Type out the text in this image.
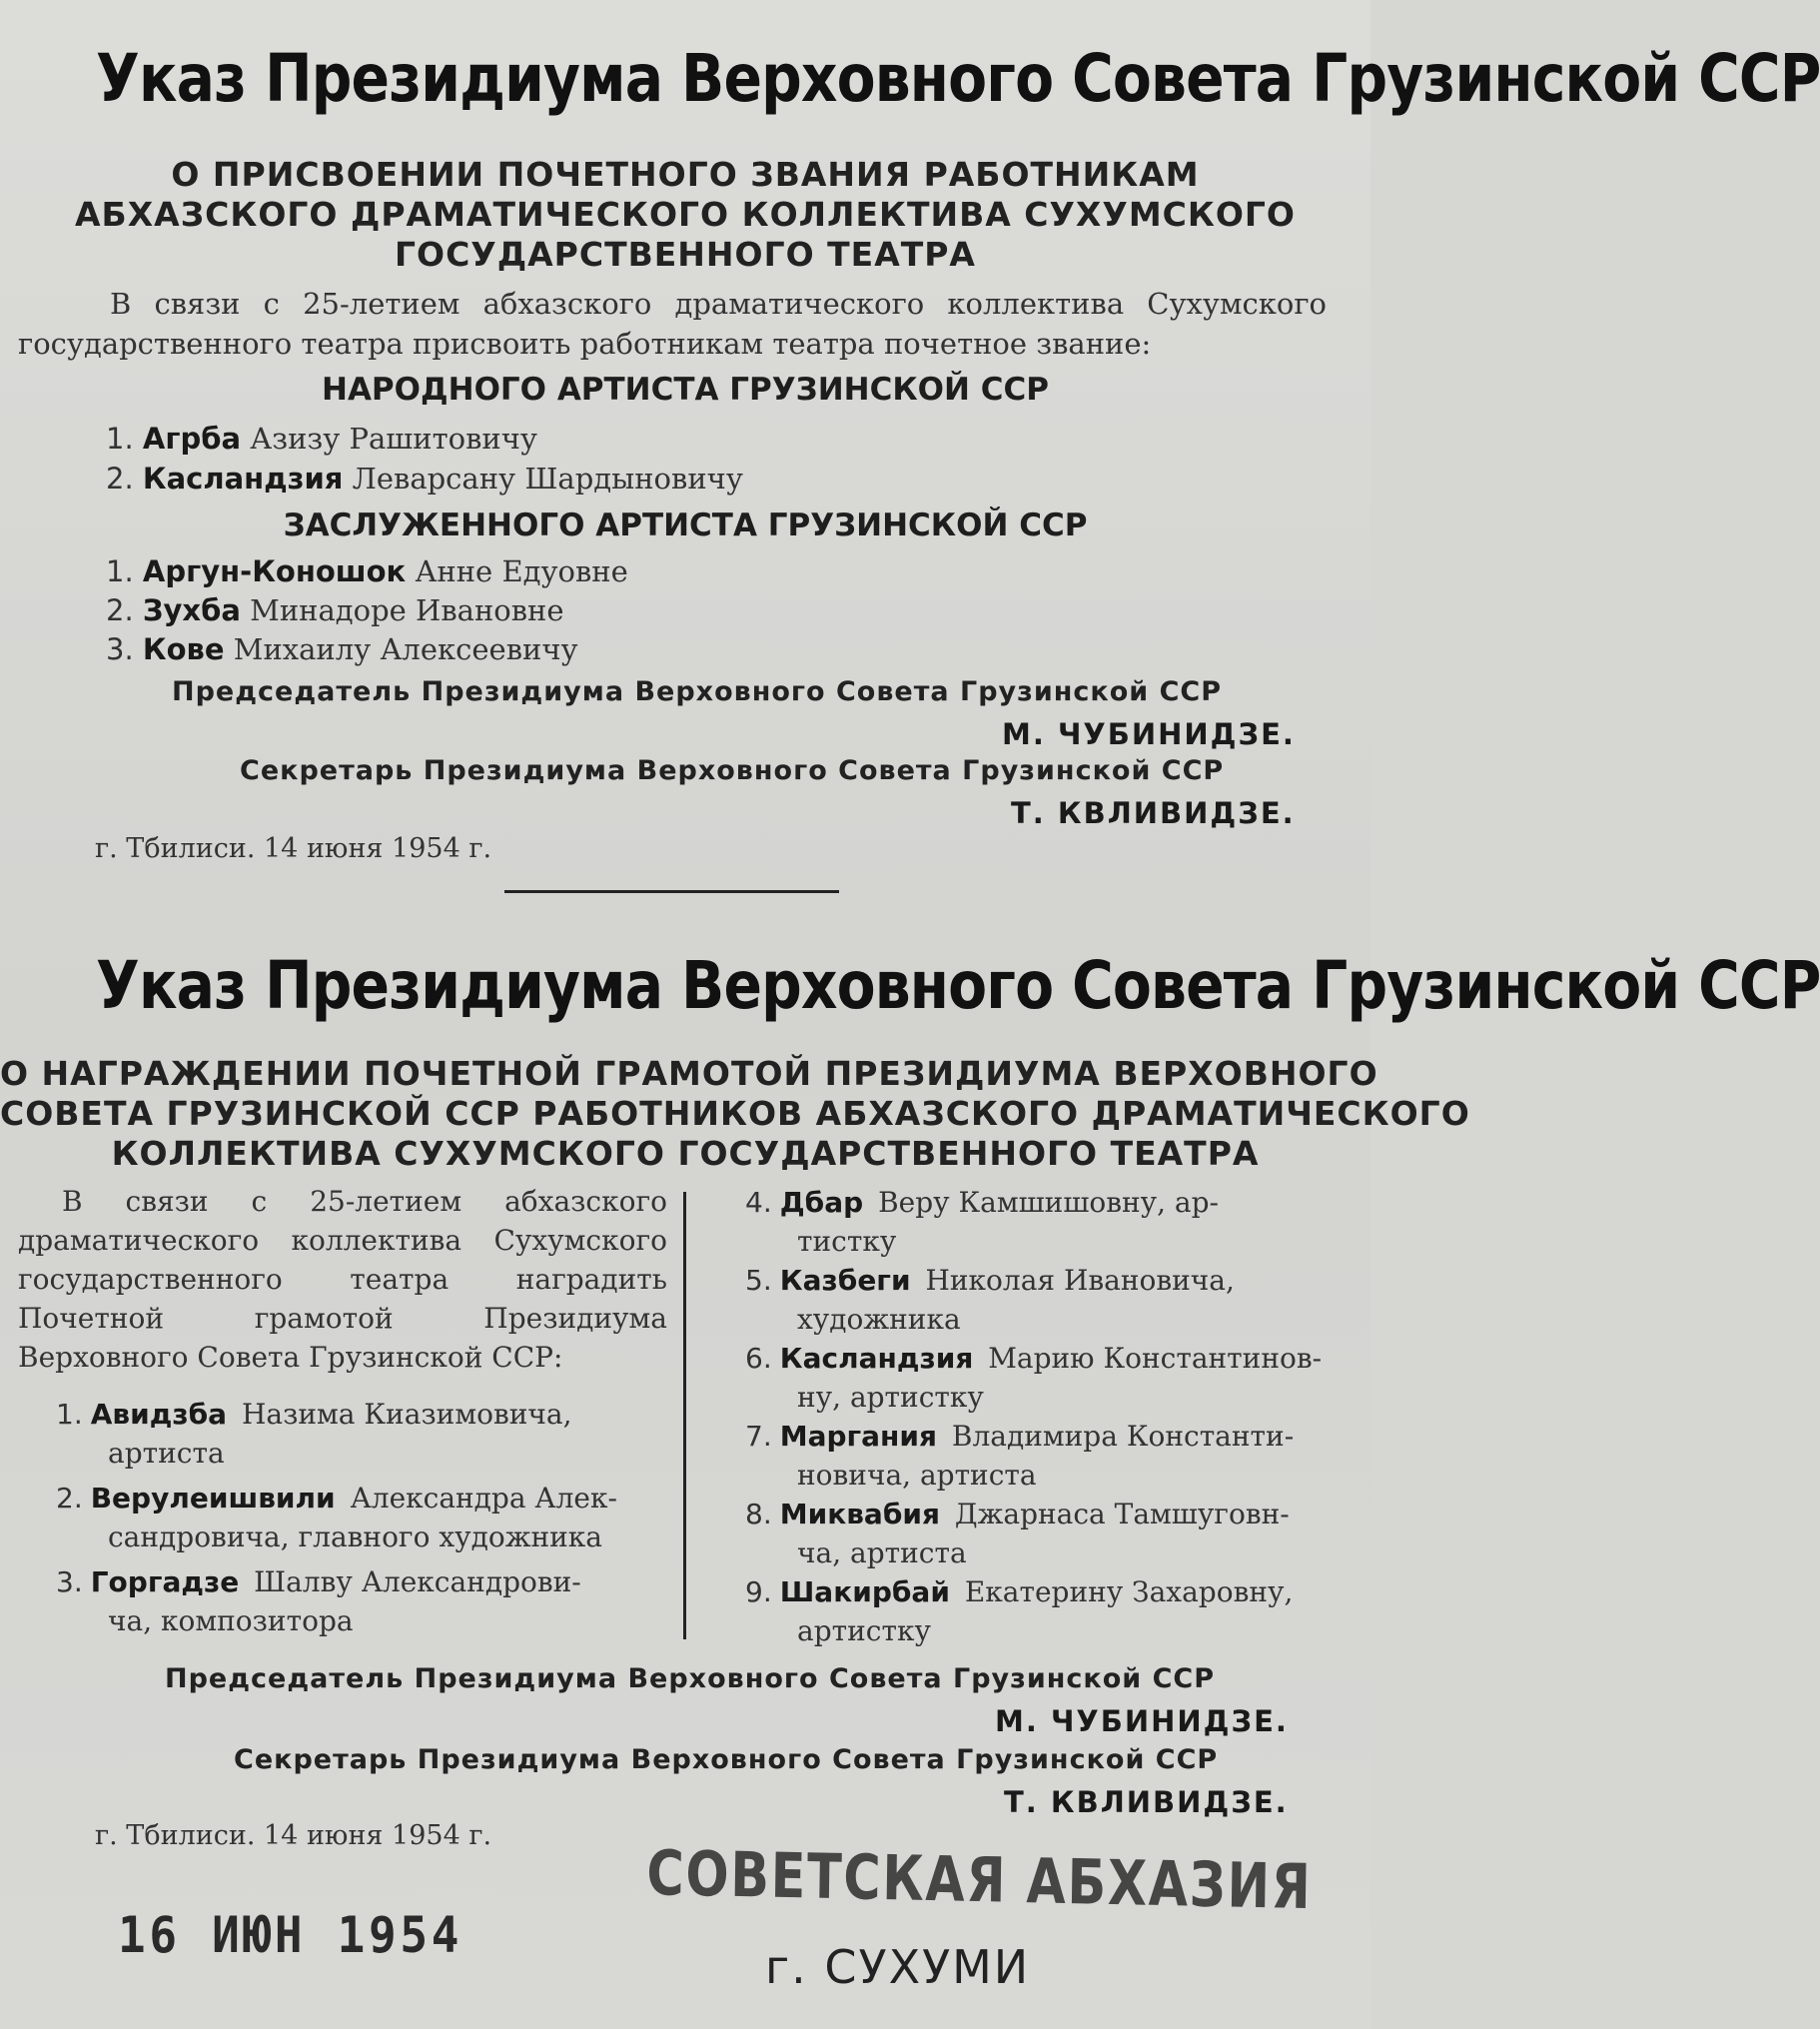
Указ Президиума Верховного Совета Грузинской ССР
О ПРИСВОЕНИИ ПОЧЕТНОГО ЗВАНИЯ РАБОТНИКАМ
АБХАЗСКОГО ДРАМАТИЧЕСКОГО КОЛЛЕКТИВА СУХУМСКОГО
ГОСУДАРСТВЕННОГО ТЕАТРА
В связи с 25-летием абхазского драматического коллектива Сухумского государственного театра присвоить работникам театра почетное звание:
НАРОДНОГО АРТИСТА ГРУЗИНСКОЙ ССР
1. Агрба Азизу Рашитовичу
2. Касландзия Леварсану Шардыновичу
ЗАСЛУЖЕННОГО АРТИСТА ГРУЗИНСКОЙ ССР
1. Аргун-Коношок Анне Едуовне
2. Зухба Минадоре Ивановне
3. Кове Михаилу Алексеевичу
Председатель Президиума Верховного Совета Грузинской ССР
М. ЧУБИНИДЗЕ.
Секретарь Президиума Верховного Совета Грузинской ССР
Т. КВЛИВИДЗЕ.
г. Тбилиси. 14 июня 1954 г.
Указ Президиума Верховного Совета Грузинской ССР
О НАГРАЖДЕНИИ ПОЧЕТНОЙ ГРАМОТОЙ ПРЕЗИДИУМА ВЕРХОВНОГО
СОВЕТА ГРУЗИНСКОЙ ССР РАБОТНИКОВ АБХАЗСКОГО ДРАМАТИЧЕСКОГО
КОЛЛЕКТИВА СУХУМСКОГО ГОСУДАРСТВЕННОГО ТЕАТРА
В связи с 25-летием абхазского драматического коллектива Сухумского государственного театра наградить Почетной грамотой Президиума Верховного Совета Грузинской ССР:
1. Авидзба Назима Киазимовича,
артиста
2. Верулеишвили Александра Алек-
сандровича, главного художника
3. Горгадзе Шалву Александрови-
ча, композитора
4. Дбар Веру Камшишовну, ар-
тистку
5. Казбеги Николая Ивановича,
художника
6. Касландзия Марию Константинов-
ну, артистку
7. Маргания Владимира Константи-
новича, артиста
8. Миквабия Джарнаса Тамшуговн-
ча, артиста
9. Шакирбай Екатерину Захаровну,
артистку
Председатель Президиума Верховного Совета Грузинской ССР
М. ЧУБИНИДЗЕ.
Секретарь Президиума Верховного Совета Грузинской ССР
Т. КВЛИВИДЗЕ.
г. Тбилиси. 14 июня 1954 г.
СОВЕТСКАЯ АБХАЗИЯ
16 ИЮН 1954
г. СУХУМИ
